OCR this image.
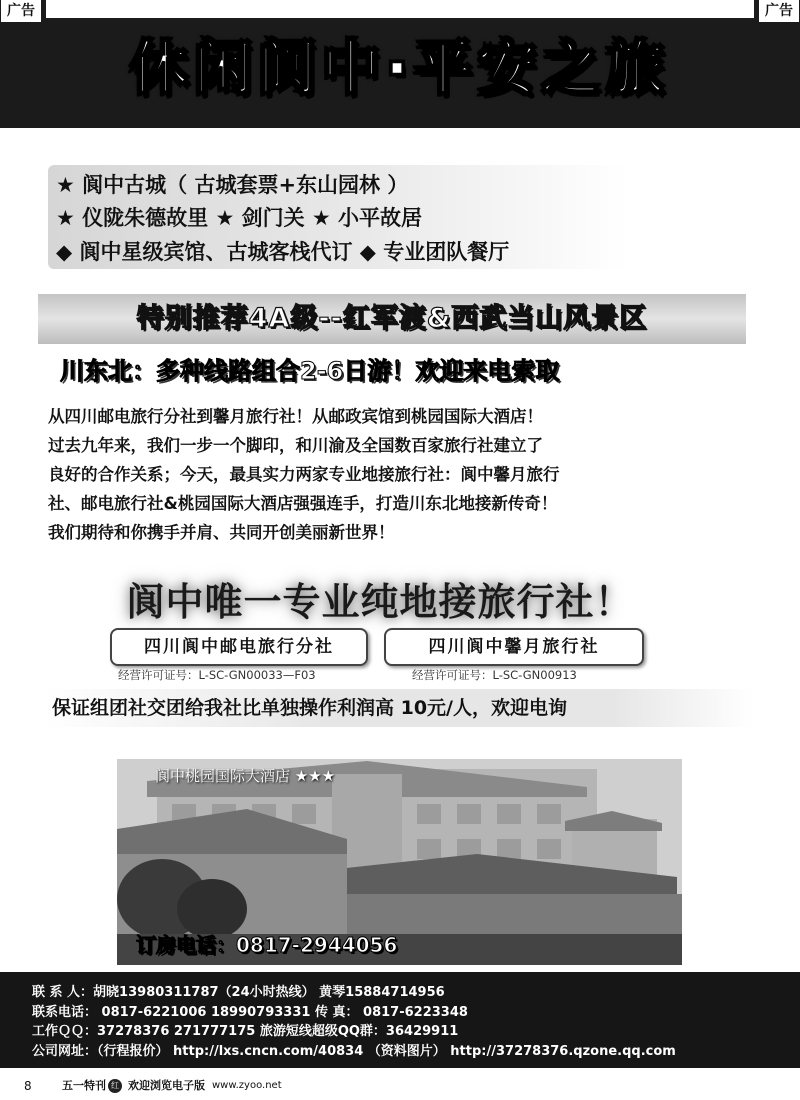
广告	广告
休闲阆中·平安之旅
★ 阆中古城（ 古城套票+东山园林 ）
★ 仪陇朱德故里 ★ 剑门关 ★ 小平故居
◆ 阆中星级宾馆、古城客栈代订 ◆ 专业团队餐厅
特别推荐4A级--红军渡&西武当山风景区
川东北：多种线路组合2-6日游！欢迎来电索取

从四川邮电旅行分社到馨月旅行社！从邮政宾馆到桃园国际大酒店！

过去九年来，我们一步一个脚印，和川渝及全国数百家旅行社建立了

良好的合作关系；今天，最具实力两家专业地接旅行社：阆中馨月旅行

社、邮电旅行社&桃园国际大酒店强强连手，打造川东北地接新传奇！

我们期待和你携手并肩、共同开创美丽新世界！

阆中唯一专业纯地接旅行社！
四川阆中邮电旅行分社	四川阆中馨月旅行社
经营许可证号：L-SC-GN00033—F03	经营许可证号：L-SC-GN00913
保证组团社交团给我社比单独操作利润高 10元/人，欢迎电询
阆中桃园国际大酒店 ★★★
订房电话：0817-2944056
联 系 人：胡晓13980311787（24小时热线） 黄琴15884714956
联系电话： 0817-6221006 18990793331 传 真： 0817-6223348
工作ＱＱ：37278376 271777175 旅游短线超级QQ群：36429911
公司网址：（行程报价） http://lxs.cncn.com/40834 （资料图片） http://37278376.qzone.qq.com
8	五一特刊 红 欢迎浏览电子版 www.zyoo.net
